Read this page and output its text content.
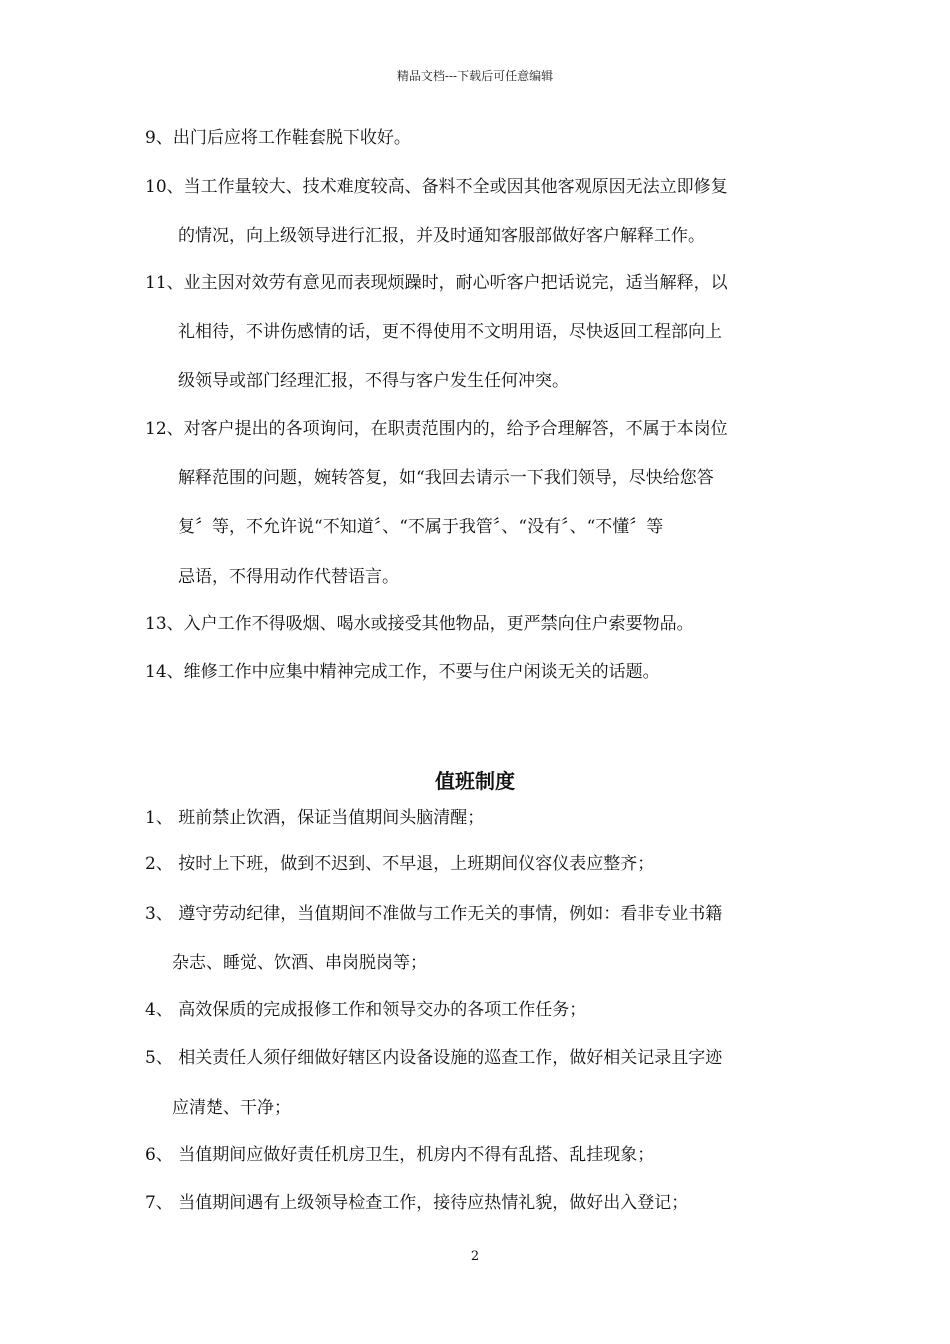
精品文档---下载后可任意编辑
9、出门后应将工作鞋套脱下收好。
10、当工作量较大、技术难度较高、备料不全或因其他客观原因无法立即修复
的情况，向上级领导进行汇报，并及时通知客服部做好客户解释工作。
11、业主因对效劳有意见而表现烦躁时，耐心听客户把话说完，适当解释，以
礼相待，不讲伤感情的话，更不得使用不文明用语，尽快返回工程部向上
级领导或部门经理汇报，不得与客户发生任何冲突。
12、对客户提出的各项询问，在职责范围内的，给予合理解答，不属于本岗位
解释范围的问题，婉转答复，如“我回去请示一下我们领导，尽快给您答
复〞等，不允许说“不知道〞、“不属于我管〞、“没有〞、“不懂〞等
忌语，不得用动作代替语言。
13、入户工作不得吸烟、喝水或接受其他物品，更严禁向住户索要物品。
14、维修工作中应集中精神完成工作，不要与住户闲谈无关的话题。
值班制度
1、 班前禁止饮酒，保证当值期间头脑清醒；
2、 按时上下班，做到不迟到、不早退，上班期间仪容仪表应整齐；
3、 遵守劳动纪律，当值期间不准做与工作无关的事情，例如：看非专业书籍
杂志、睡觉、饮酒、串岗脱岗等；
4、 高效保质的完成报修工作和领导交办的各项工作任务；
5、 相关责任人须仔细做好辖区内设备设施的巡查工作，做好相关记录且字迹
应清楚、干净；
6、 当值期间应做好责任机房卫生，机房内不得有乱搭、乱挂现象；
7、 当值期间遇有上级领导检查工作，接待应热情礼貌，做好出入登记；
2
